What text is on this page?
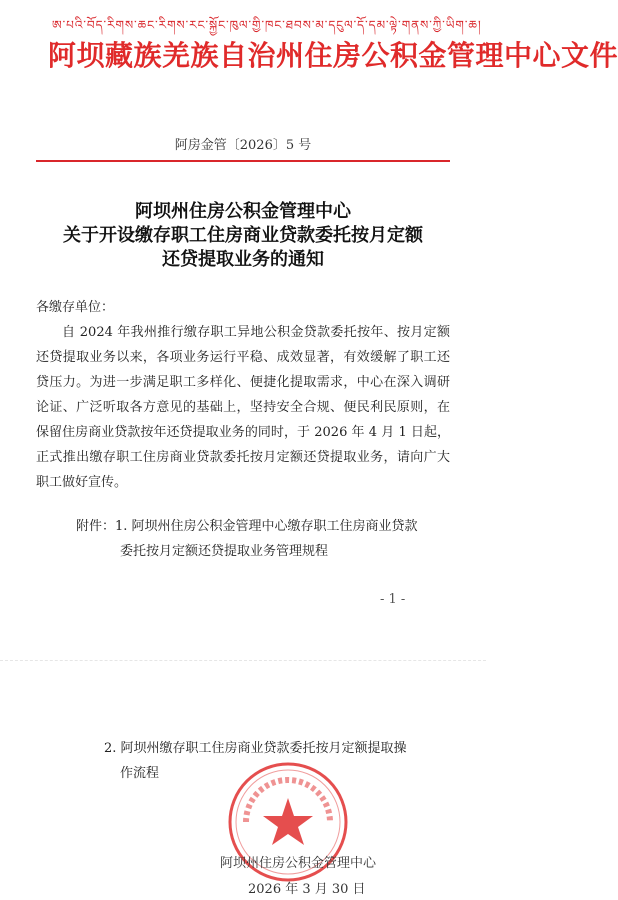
ཨ་པའི་བོད་རིགས་ཆང་རིགས་རང་སྐྱོང་ཁུལ་གྱི་ཁང་ཐབས་མ་དངུལ་དོ་དམ་ལྟེ་གནས་ཀྱི་ཡིག་ཆ།
阿坝藏族羌族自治州住房公积金管理中心文件
阿房金管〔2026〕5 号
阿坝州住房公积金管理中心
关于开设缴存职工住房商业贷款委托按月定额
还贷提取业务的通知
各缴存单位：
自 2024 年我州推行缴存职工异地公积金贷款委托按年、按月定额还贷提取业务以来，各项业务运行平稳、成效显著，有效缓解了职工还贷压力。为进一步满足职工多样化、便捷化提取需求，中心在深入调研论证、广泛听取各方意见的基础上，坚持安全合规、便民利民原则，在保留住房商业贷款按年还贷提取业务的同时，于 2026 年 4 月 1 日起，正式推出缴存职工住房商业贷款委托按月定额还贷提取业务，请向广大职工做好宣传。
附件：1. 阿坝州住房公积金管理中心缴存职工住房商业贷款
委托按月定额还贷提取业务管理规程
- 1 -
2. 阿坝州缴存职工住房商业贷款委托按月定额提取操
作流程
阿坝州住房公积金管理中心
2026 年 3 月 30 日
